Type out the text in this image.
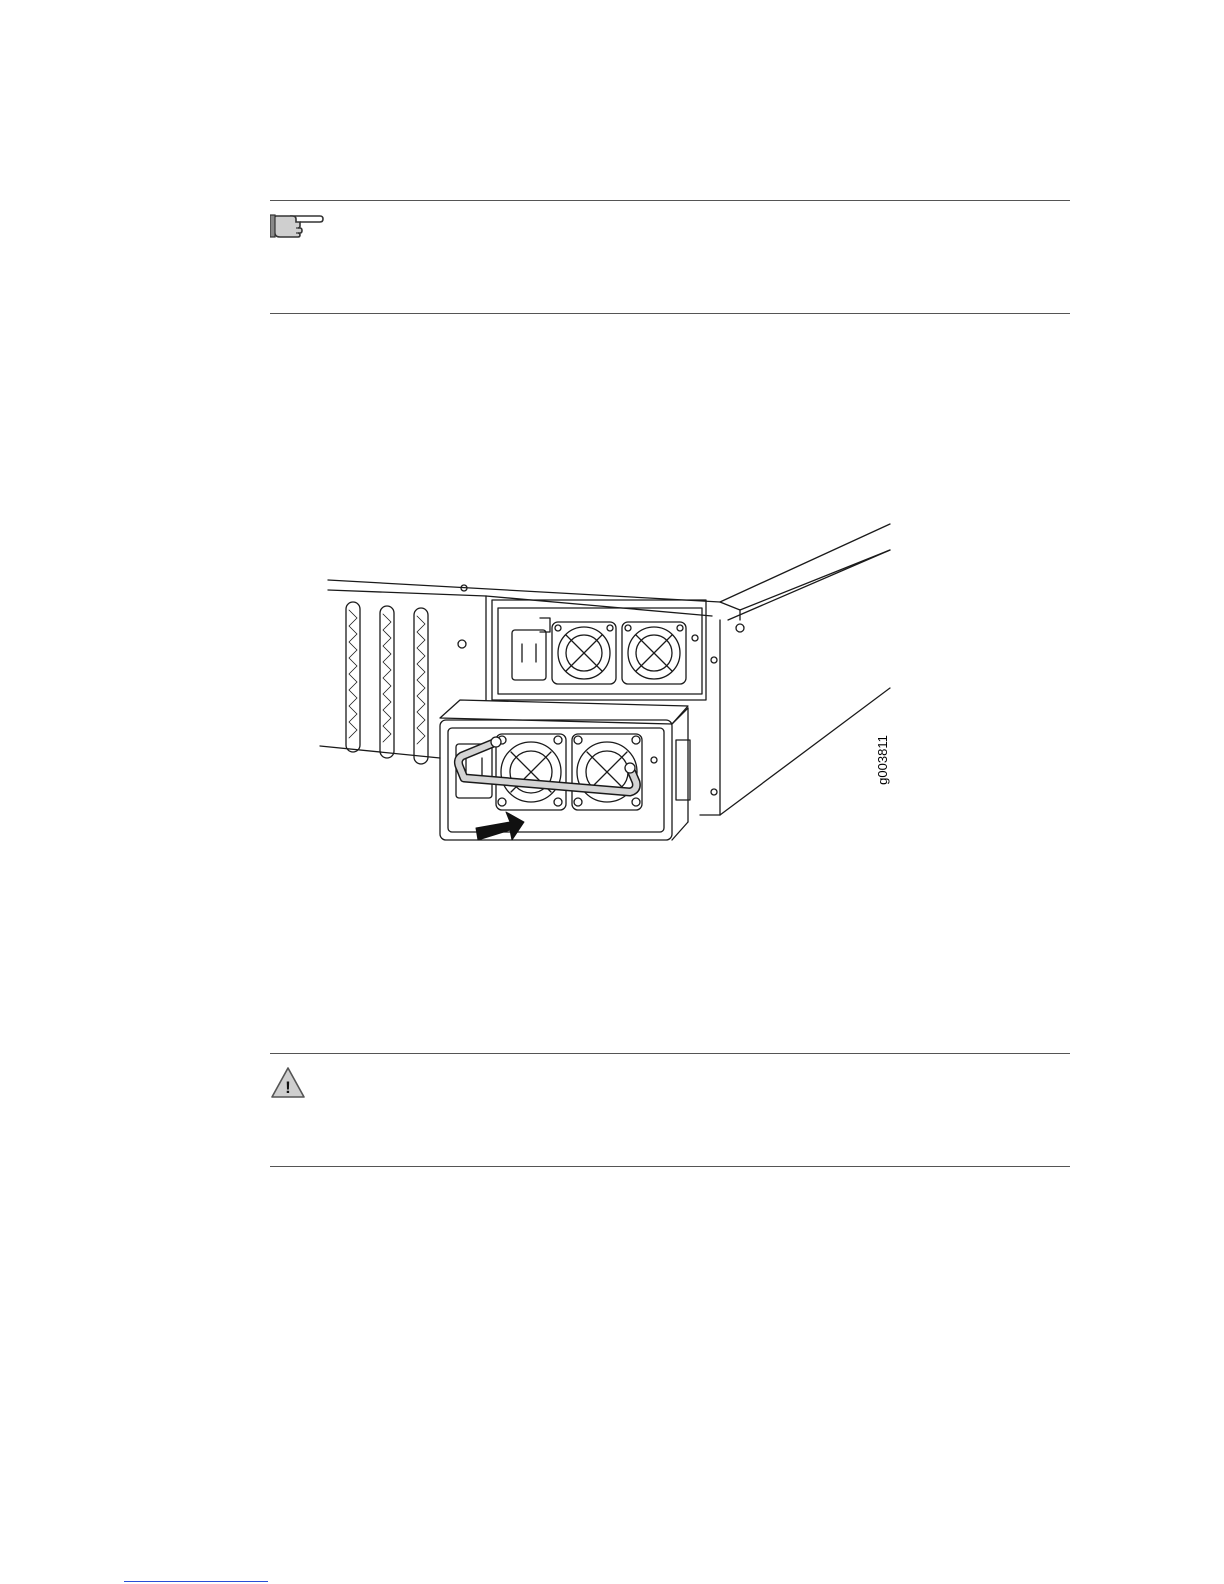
g003811
!
